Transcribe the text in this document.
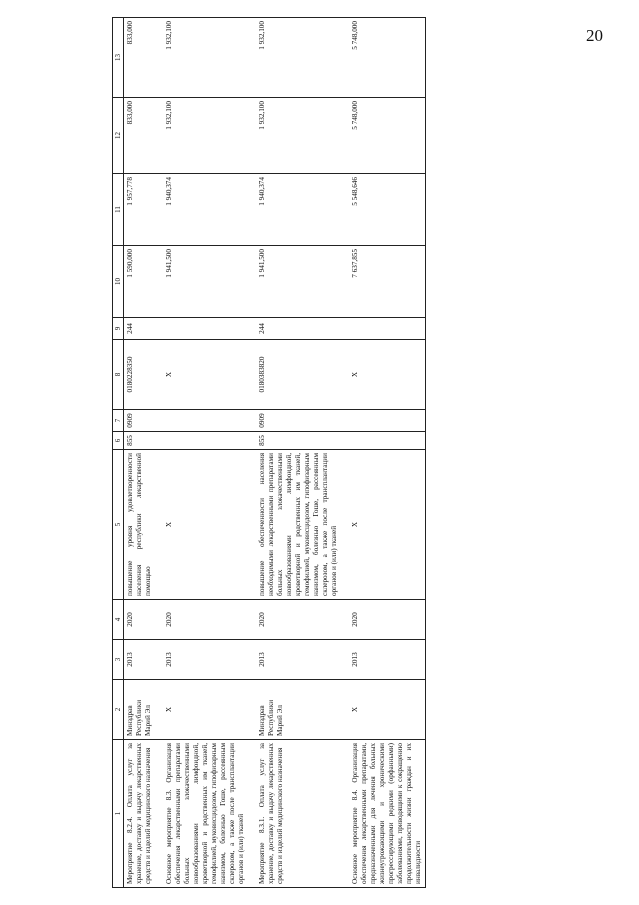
20
1	2	3	4	5	6	7	8	9	10	11	12	13
Мероприятие 8.2.4. Оплата услуг за хранение, доставку и выдачу лекарственных средств и изделий медицинского назначения	Минздрав Республики Марий Эл	2013	2020	повышение уровня удовлетворенности населения республики лекарственной помощью	855	0909	0180228350	244	1 590,000	1 957,778	833,000	833,000

Основное мероприятие 8.3. Организация обеспечения лекарственными препаратами больных злокачественными новообразованиями лимфоидной, кроветворной и родственных им тканей, гемофилией, муковисцидозом, гипофизарным нанизмом, болезнью Гоше, рассеянным склерозом, а также после трансплантации органов и (или) тканей	X	2013	2020	X			X		1 941,500	1 940,374	1 932,100	1 932,100

Мероприятие 8.3.1. Оплата услуг за хранение, доставку и выдачу лекарственных средств и изделий медицинского назначения	Минздрав Республики Марий Эл	2013	2020	повышение обеспеченности населения необходимыми лекарственными препаратами больных злокачественными новообразованиями лимфоидной, кроветворной и родственных им тканей, гемофилией, муковисцидозом, гипофизарным нанизмом, болезнью Гоше, рассеянным склерозом, а также после трансплантации органов и (или) тканей	855	0909	0180383820	244	1 941,500	1 940,374	1 932,100	1 932,100

Основное мероприятие 8.4. Организация обеспечения лекарственными препаратами, предназначенными для лечения больных жизнеугрожающими и хроническими прогрессирующими редкими (орфанными) заболеваниями, приводящими к сокращению продолжительности жизни граждан и их инвалидности	X	2013	2020	X			X		7 637,855	5 548,646	5 748,000	5 748,000
